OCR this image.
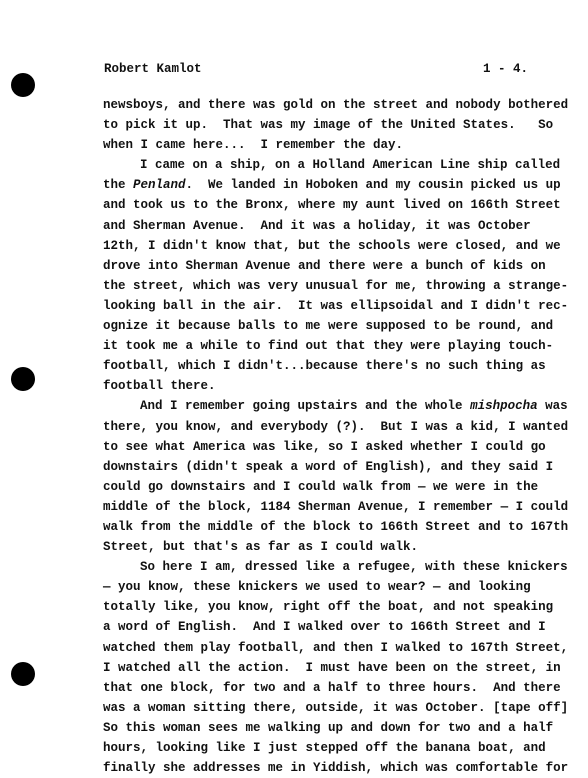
Robert Kamlot	1 - 4.
newsboys, and there was gold on the street and nobody bothered
to pick it up.  That was my image of the United States.   So
when I came here...  I remember the day.
I came on a ship, on a Holland American Line ship called
the Penland.  We landed in Hoboken and my cousin picked us up
and took us to the Bronx, where my aunt lived on 166th Street
and Sherman Avenue.  And it was a holiday, it was October
12th, I didn't know that, but the schools were closed, and we
drove into Sherman Avenue and there were a bunch of kids on
the street, which was very unusual for me, throwing a strange-
looking ball in the air.  It was ellipsoidal and I didn't rec-
ognize it because balls to me were supposed to be round, and
it took me a while to find out that they were playing touch-
football, which I didn't...because there's no such thing as
football there.
And I remember going upstairs and the whole mishpocha was
there, you know, and everybody (?).  But I was a kid, I wanted
to see what America was like, so I asked whether I could go
downstairs (didn't speak a word of English), and they said I
could go downstairs and I could walk from — we were in the
middle of the block, 1184 Sherman Avenue, I remember — I could
walk from the middle of the block to 166th Street and to 167th
Street, but that's as far as I could walk.
So here I am, dressed like a refugee, with these knickers
— you know, these knickers we used to wear? — and looking
totally like, you know, right off the boat, and not speaking
a word of English.  And I walked over to 166th Street and I
watched them play football, and then I walked to 167th Street,
I watched all the action.  I must have been on the street, in
that one block, for two and a half to three hours.  And there
was a woman sitting there, outside, it was October. [tape off]
So this woman sees me walking up and down for two and a half
hours, looking like I just stepped off the banana boat, and
finally she addresses me in Yiddish, which was comfortable for
